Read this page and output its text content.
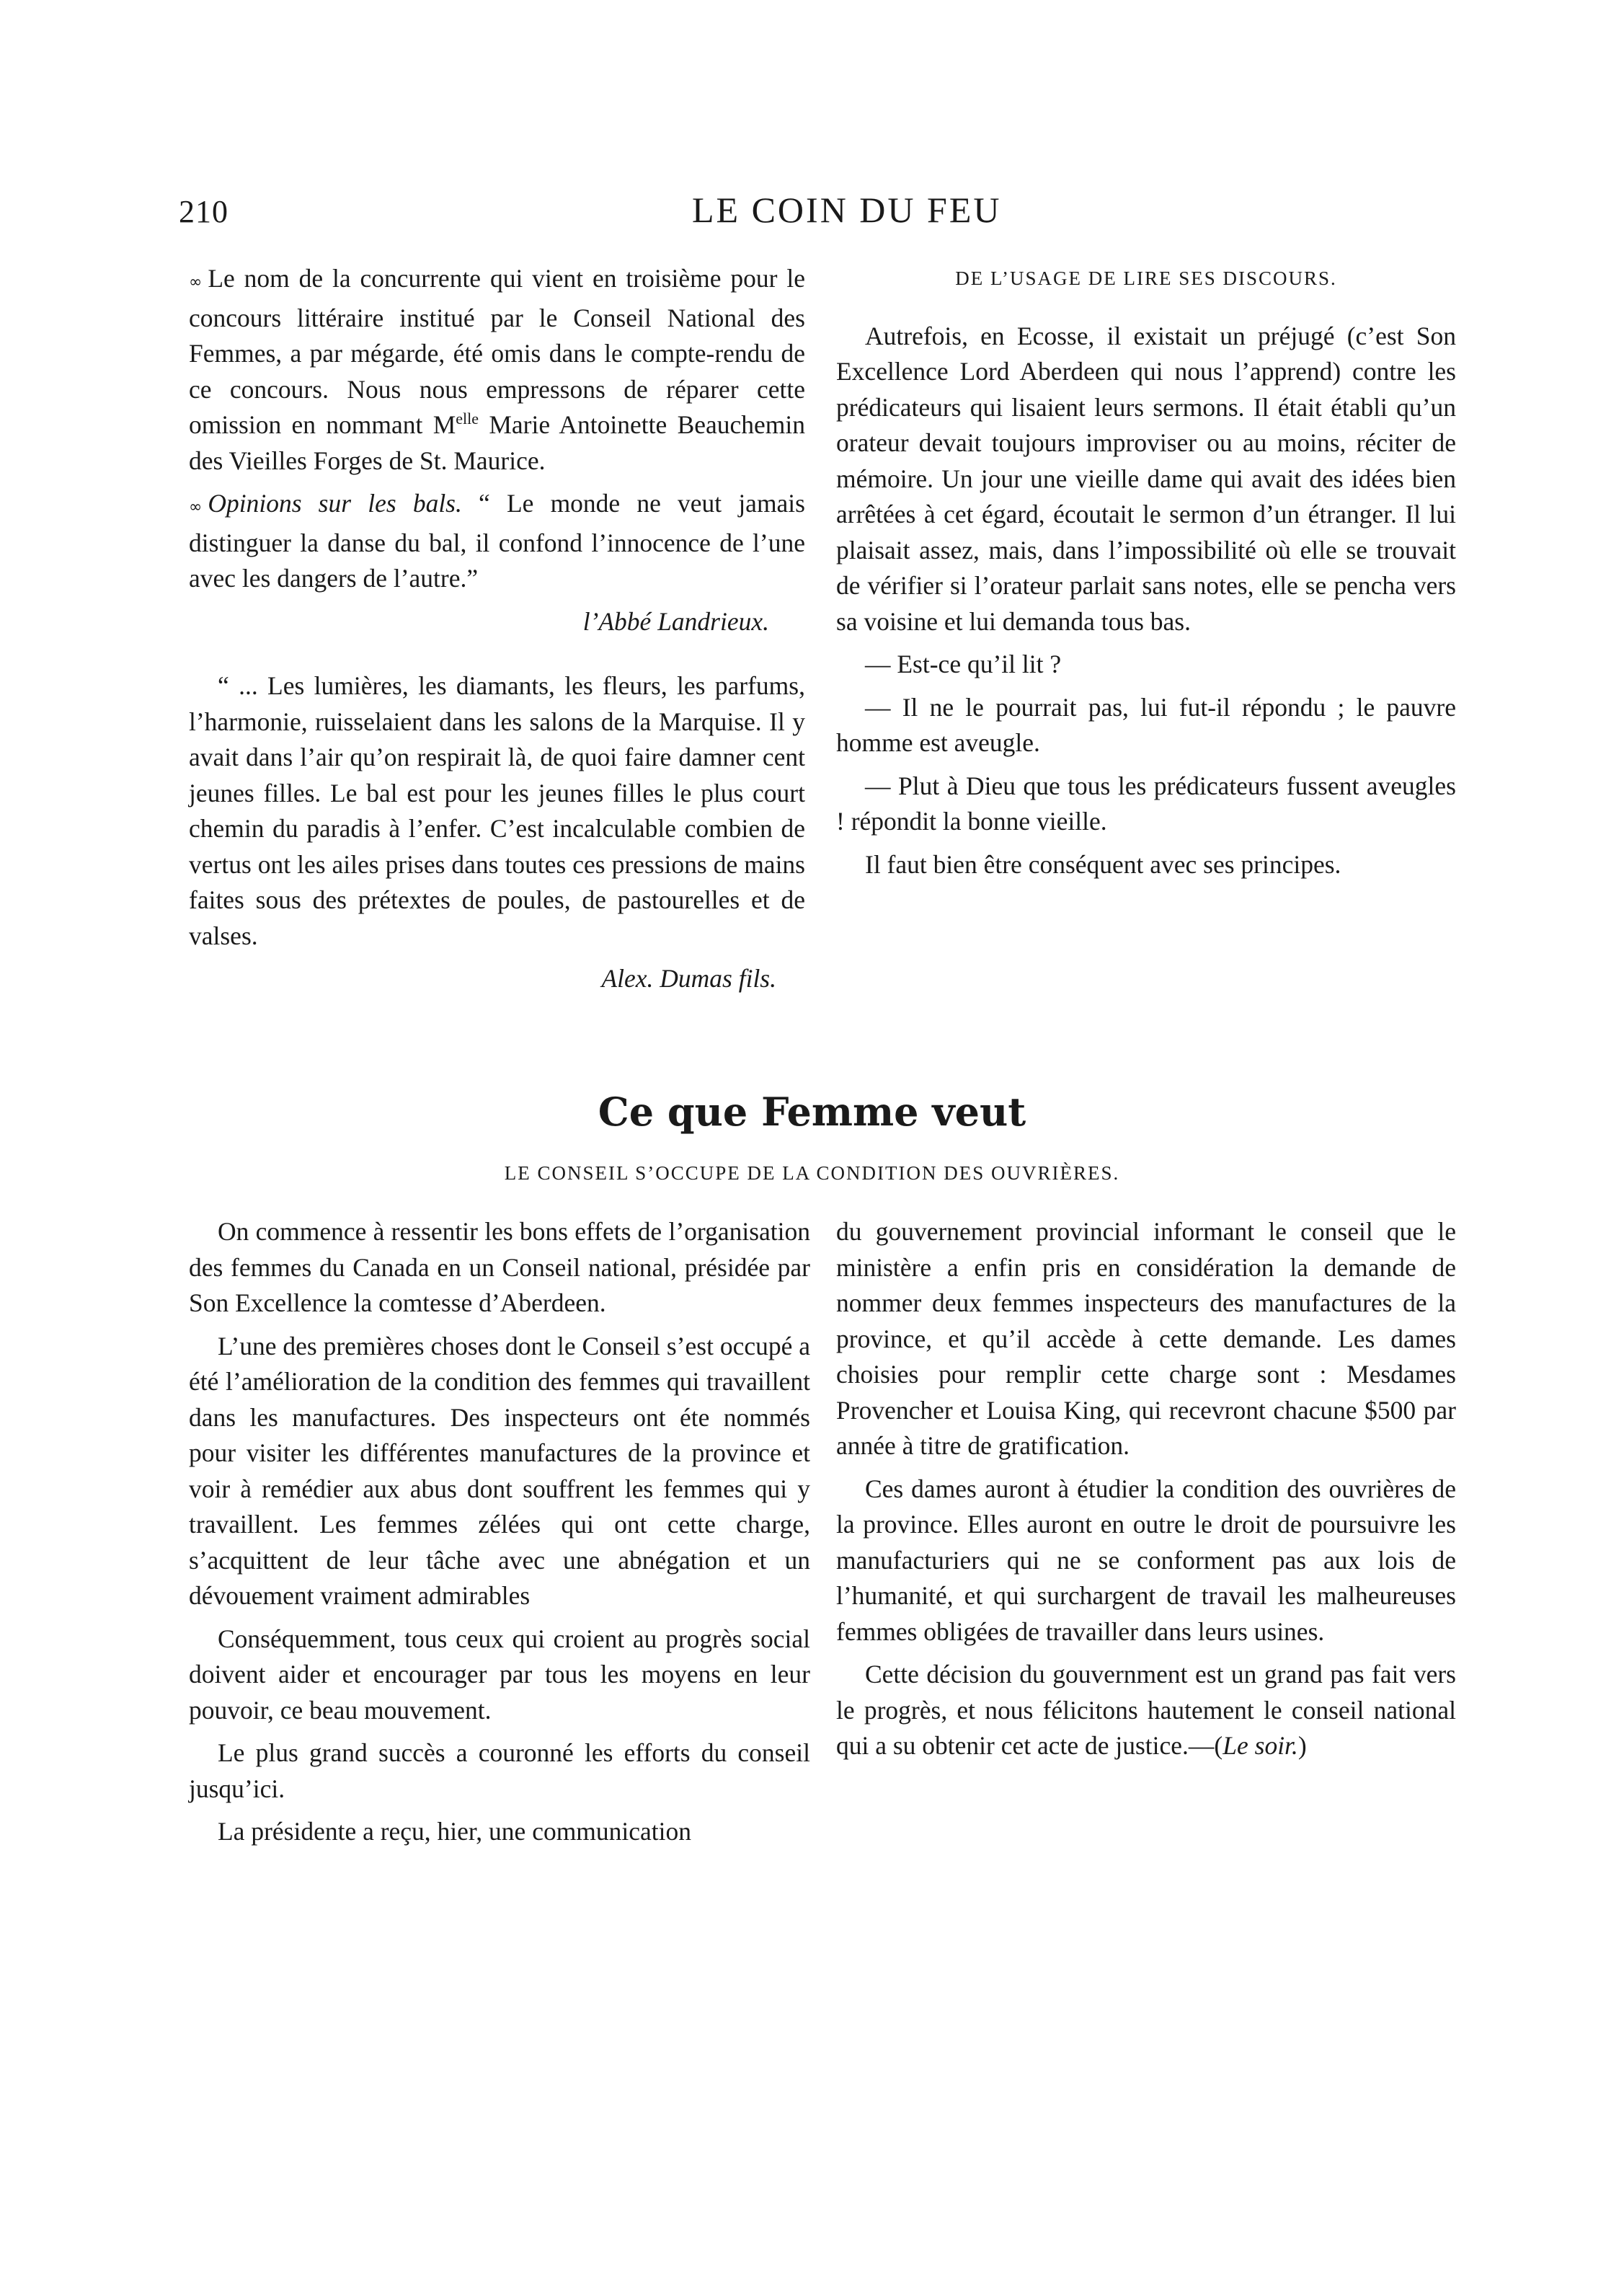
210	LE COIN DU FEU

∞ Le nom de la concurrente qui vient en troisième pour le concours littéraire institué par le Conseil National des Femmes, a par mégarde, été omis dans le compte-rendu de ce concours. Nous nous empressons de réparer cette omission en nommant $M^{elle}$ Marie Antoinette Beauchemin des Vieilles Forges de St. Maurice.

∞ Opinions sur les bals. “ Le monde ne veut jamais distinguer la danse du bal, il confond l’innocence de l’une avec les dangers de l’autre.”

l’Abbé Landrieux.

“ ... Les lumières, les diamants, les fleurs, les parfums, l’harmonie, ruisselaient dans les salons de la Marquise. Il y avait dans l’air qu’on respirait là, de quoi faire damner cent jeunes filles. Le bal est pour les jeunes filles le plus court chemin du paradis à l’enfer. C’est incalculable combien de vertus ont les ailes prises dans toutes ces pressions de mains faites sous des prétextes de poules, de pastourelles et de valses.

Alex. Dumas fils.

DE L’USAGE DE LIRE SES DISCOURS.

Autrefois, en Ecosse, il existait un préjugé (c’est Son Excellence Lord Aberdeen qui nous l’apprend) contre les prédicateurs qui lisaient leurs sermons. Il était établi qu’un orateur devait toujours improviser ou au moins, réciter de mémoire. Un jour une vieille dame qui avait des idées bien arrêtées à cet égard, écoutait le sermon d’un étranger. Il lui plaisait assez, mais, dans l’impossibilité où elle se trouvait de vérifier si l’orateur parlait sans notes, elle se pencha vers sa voisine et lui demanda tous bas.

— Est-ce qu’il lit ?

— Il ne le pourrait pas, lui fut-il répondu ; le pauvre homme est aveugle.

— Plut à Dieu que tous les prédicateurs fussent aveugles ! répondit la bonne vieille.

Il faut bien être conséquent avec ses principes.

Ce que Femme veut
LE CONSEIL S’OCCUPE DE LA CONDITION DES OUVRIÈRES.

On commence à ressentir les bons effets de l’organisation des femmes du Canada en un Conseil national, présidée par Son Excellence la comtesse d’Aberdeen.

L’une des premières choses dont le Conseil s’est occupé a été l’amélioration de la condition des femmes qui travaillent dans les manufactures. Des inspecteurs ont éte nommés pour visiter les différentes manufactures de la province et voir à remédier aux abus dont souffrent les femmes qui y travaillent. Les femmes zélées qui ont cette charge, s’acquittent de leur tâche avec une abnégation et un dévouement vraiment admirables

Conséquemment, tous ceux qui croient au progrès social doivent aider et encourager par tous les moyens en leur pouvoir, ce beau mouvement.

Le plus grand succès a couronné les efforts du conseil jusqu’ici.

La présidente a reçu, hier, une communication

du gouvernement provincial informant le conseil que le ministère a enfin pris en considération la demande de nommer deux femmes inspecteurs des manufactures de la province, et qu’il accède à cette demande. Les dames choisies pour remplir cette charge sont : Mesdames Provencher et Louisa King, qui recevront chacune $500 par année à titre de gratification.

Ces dames auront à étudier la condition des ouvrières de la province. Elles auront en outre le droit de poursuivre les manufacturiers qui ne se conforment pas aux lois de l’humanité, et qui surchargent de travail les malheureuses femmes obligées de travailler dans leurs usines.

Cette décision du gouvernment est un grand pas fait vers le progrès, et nous félicitons hautement le conseil national qui a su obtenir cet acte de justice.—(Le soir.)
